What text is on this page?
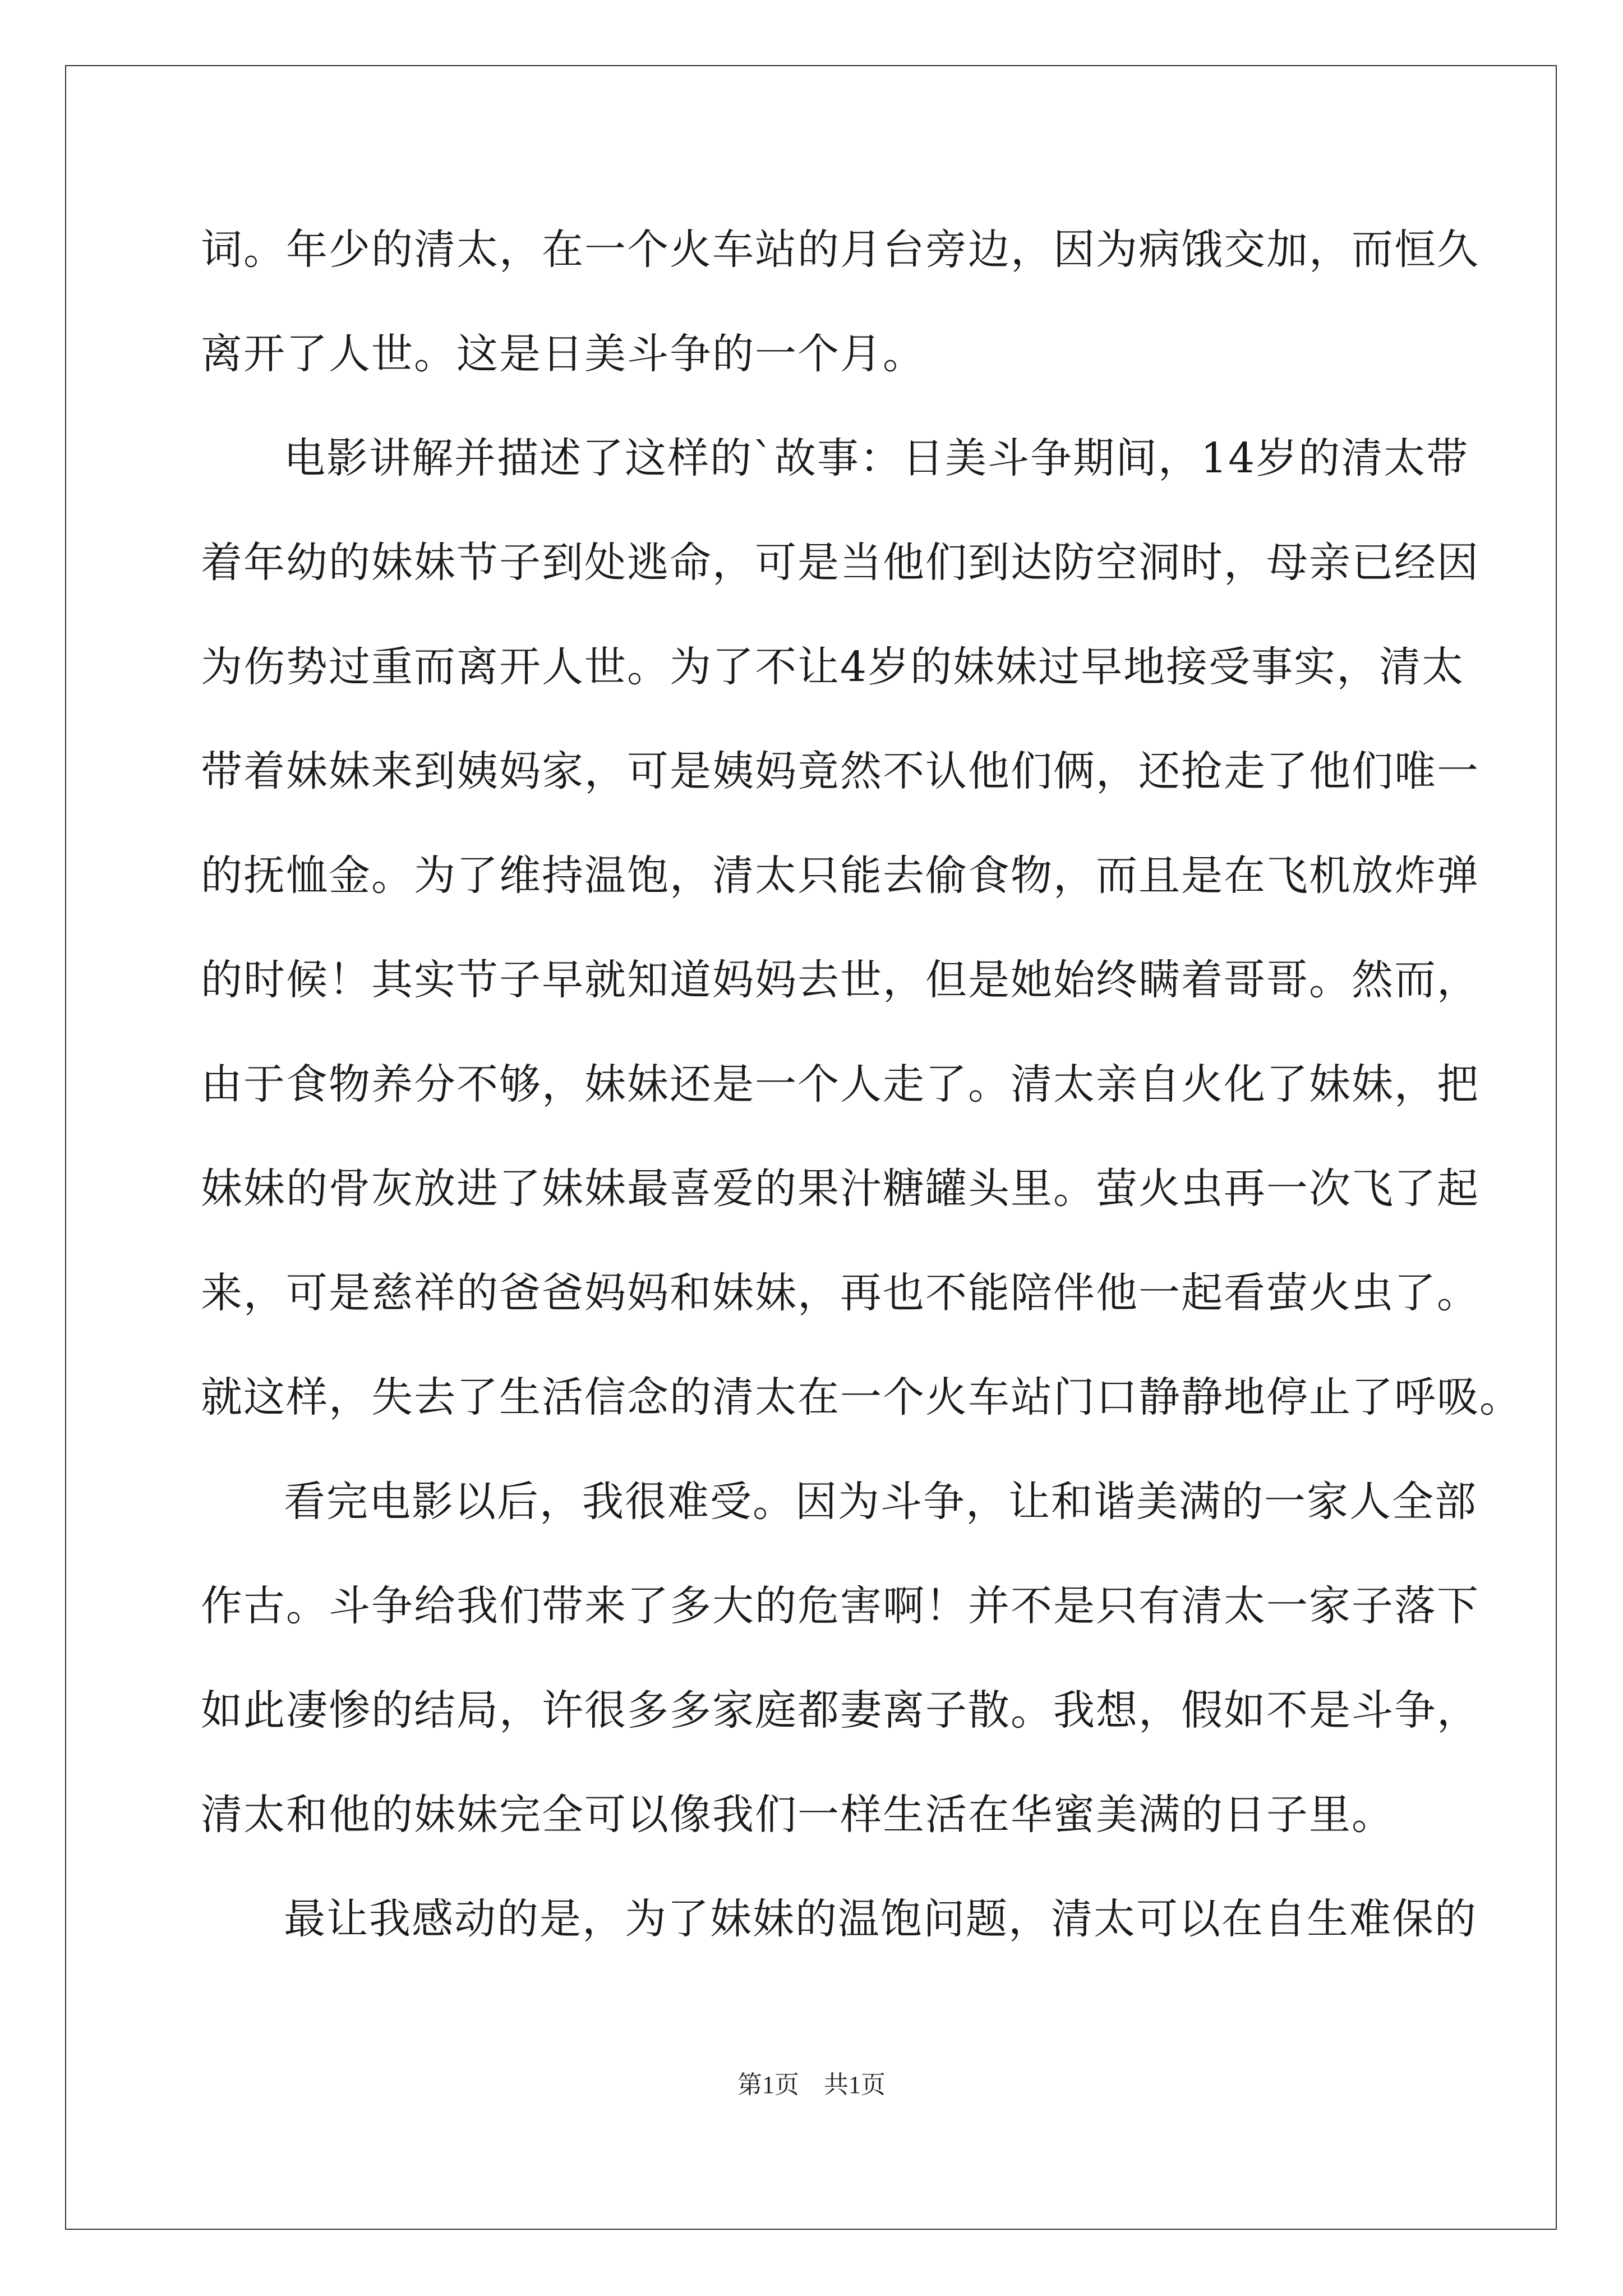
词。年少的清太，在一个火车站的月台旁边，因为病饿交加，而恒久
离开了人世。这是日美斗争的一个月。
电影讲解并描述了这样的`故事：日美斗争期间，14岁的清太带
着年幼的妹妹节子到处逃命，可是当他们到达防空洞时，母亲已经因
为伤势过重而离开人世。为了不让4岁的妹妹过早地接受事实，清太
带着妹妹来到姨妈家，可是姨妈竟然不认他们俩，还抢走了他们唯一
的抚恤金。为了维持温饱，清太只能去偷食物，而且是在飞机放炸弹
的时候！其实节子早就知道妈妈去世，但是她始终瞒着哥哥。然而，
由于食物养分不够，妹妹还是一个人走了。清太亲自火化了妹妹，把
妹妹的骨灰放进了妹妹最喜爱的果汁糖罐头里。萤火虫再一次飞了起
来，可是慈祥的爸爸妈妈和妹妹，再也不能陪伴他一起看萤火虫了。
就这样，失去了生活信念的清太在一个火车站门口静静地停止了呼吸。
看完电影以后，我很难受。因为斗争，让和谐美满的一家人全部
作古。斗争给我们带来了多大的危害啊！并不是只有清太一家子落下
如此凄惨的结局，许很多多家庭都妻离子散。我想，假如不是斗争，
清太和他的妹妹完全可以像我们一样生活在华蜜美满的日子里。
最让我感动的是，为了妹妹的温饱问题，清太可以在自生难保的
第1页　共1页
